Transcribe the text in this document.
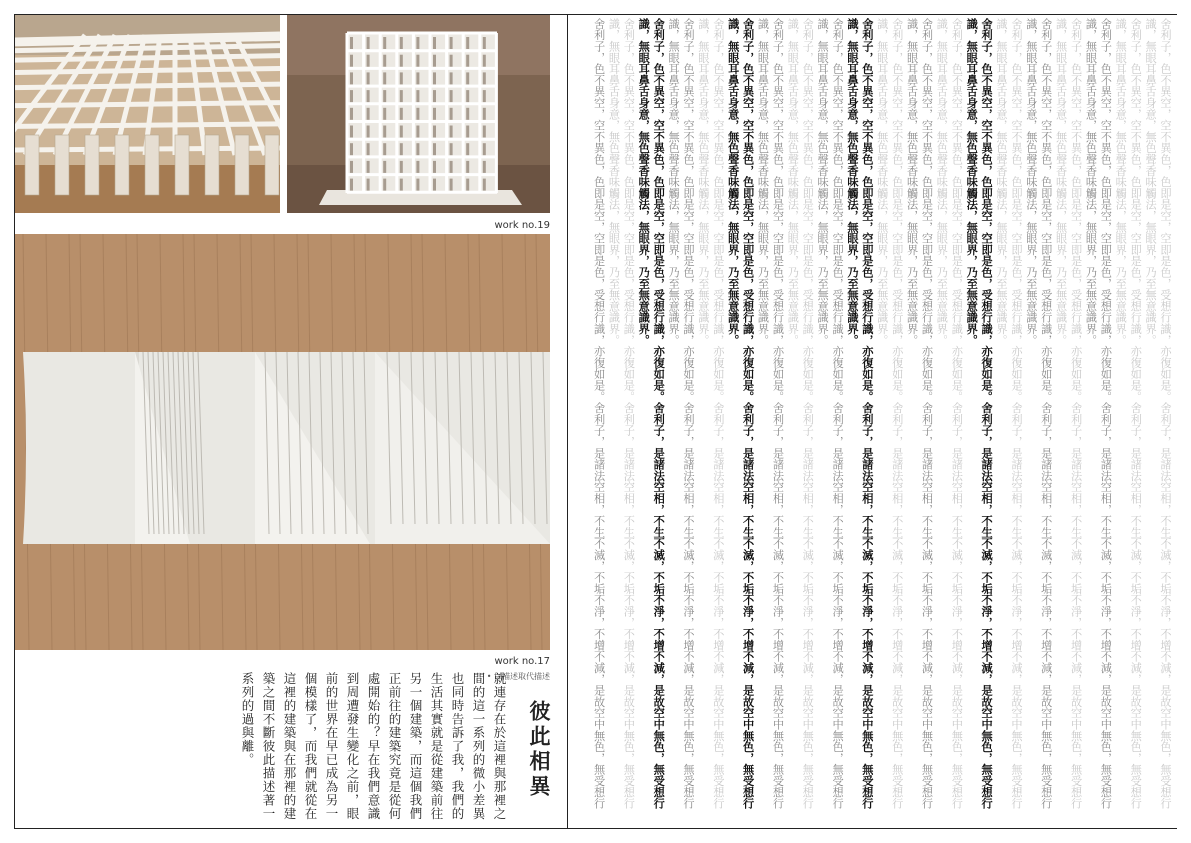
work no.19
work no.17
• 以描述取代描述
彼此相異
就連存在於這裡與那裡之間的這一系列的微小差異也同時告訴了我，我們的生活其實就是從建築前往另一個建築，而這個我們正前往的建築究竟是從何處開始的？早在我們意識到周遭發生變化之前，眼前的世界在早已成為另一個模樣了，而我們就從在這裡的建築與在那裡的建築之間不斷彼此描述著一系列的過與離。	舍利子，色不異空，空不異色，色即是空，空即是色，受想行識，亦復如是。舍利子，是諸法空相，不生不滅，不垢不淨，不增不減，是故空中無色，無受想行識，無眼耳鼻舌身意，無色聲香味觸法，無眼界，乃至無意識界。
舍利子，色不異空，空不異色，色即是空，空即是色，受想行識，亦復如是。舍利子，是諸法空相，不生不滅，不垢不淨，不增不減，是故空中無色，無受想行識，無眼耳鼻舌身意，無色聲香味觸法，無眼界，乃至無意識界。
舍利子，色不異空，空不異色，色即是空，空即是色，受想行識，亦復如是。舍利子，是諸法空相，不生不滅，不垢不淨，不增不減，是故空中無色，無受想行識，無眼耳鼻舌身意，無色聲香味觸法，無眼界，乃至無意識界。
舍利子，色不異空，空不異色，色即是空，空即是色，受想行識，亦復如是。舍利子，是諸法空相，不生不滅，不垢不淨，不增不減，是故空中無色，無受想行識，無眼耳鼻舌身意，無色聲香味觸法，無眼界，乃至無意識界。
舍利子，色不異空，空不異色，色即是空，空即是色，受想行識，亦復如是。舍利子，是諸法空相，不生不滅，不垢不淨，不增不減，是故空中無色，無受想行識，無眼耳鼻舌身意，無色聲香味觸法，無眼界，乃至無意識界。
舍利子，色不異空，空不異色，色即是空，空即是色，受想行識，亦復如是。舍利子，是諸法空相，不生不滅，不垢不淨，不增不減，是故空中無色，無受想行識，無眼耳鼻舌身意，無色聲香味觸法，無眼界，乃至無意識界。
舍利子，色不異空，空不異色，色即是空，空即是色，受想行識，亦復如是。舍利子，是諸法空相，不生不滅，不垢不淨，不增不減，是故空中無色，無受想行識，無眼耳鼻舌身意，無色聲香味觸法，無眼界，乃至無意識界。
舍利子，色不異空，空不異色，色即是空，空即是色，受想行識，亦復如是。舍利子，是諸法空相，不生不滅，不垢不淨，不增不減，是故空中無色，無受想行識，無眼耳鼻舌身意，無色聲香味觸法，無眼界，乃至無意識界。
舍利子，色不異空，空不異色，色即是空，空即是色，受想行識，亦復如是。舍利子，是諸法空相，不生不滅，不垢不淨，不增不減，是故空中無色，無受想行識，無眼耳鼻舌身意，無色聲香味觸法，無眼界，乃至無意識界。
舍利子，色不異空，空不異色，色即是空，空即是色，受想行識，亦復如是。舍利子，是諸法空相，不生不滅，不垢不淨，不增不減，是故空中無色，無受想行識，無眼耳鼻舌身意，無色聲香味觸法，無眼界，乃至無意識界。
舍利子，色不異空，空不異色，色即是空，空即是色，受想行識，亦復如是。舍利子，是諸法空相，不生不滅，不垢不淨，不增不減，是故空中無色，無受想行識，無眼耳鼻舌身意，無色聲香味觸法，無眼界，乃至無意識界。
舍利子，色不異空，空不異色，色即是空，空即是色，受想行識，亦復如是。舍利子，是諸法空相，不生不滅，不垢不淨，不增不減，是故空中無色，無受想行識，無眼耳鼻舌身意，無色聲香味觸法，無眼界，乃至無意識界。
舍利子，色不異空，空不異色，色即是空，空即是色，受想行識，亦復如是。舍利子，是諸法空相，不生不滅，不垢不淨，不增不減，是故空中無色，無受想行識，無眼耳鼻舌身意，無色聲香味觸法，無眼界，乃至無意識界。
舍利子，色不異空，空不異色，色即是空，空即是色，受想行識，亦復如是。舍利子，是諸法空相，不生不滅，不垢不淨，不增不減，是故空中無色，無受想行識，無眼耳鼻舌身意，無色聲香味觸法，無眼界，乃至無意識界。
舍利子，色不異空，空不異色，色即是空，空即是色，受想行識，亦復如是。舍利子，是諸法空相，不生不滅，不垢不淨，不增不減，是故空中無色，無受想行識，無眼耳鼻舌身意，無色聲香味觸法，無眼界，乃至無意識界。
舍利子，色不異空，空不異色，色即是空，空即是色，受想行識，亦復如是。舍利子，是諸法空相，不生不滅，不垢不淨，不增不減，是故空中無色，無受想行識，無眼耳鼻舌身意，無色聲香味觸法，無眼界，乃至無意識界。
舍利子，色不異空，空不異色，色即是空，空即是色，受想行識，亦復如是。舍利子，是諸法空相，不生不滅，不垢不淨，不增不減，是故空中無色，無受想行識，無眼耳鼻舌身意，無色聲香味觸法，無眼界，乃至無意識界。
舍利子，色不異空，空不異色，色即是空，空即是色，受想行識，亦復如是。舍利子，是諸法空相，不生不滅，不垢不淨，不增不減，是故空中無色，無受想行識，無眼耳鼻舌身意，無色聲香味觸法，無眼界，乃至無意識界。
舍利子，色不異空，空不異色，色即是空，空即是色，受想行識，亦復如是。舍利子，是諸法空相，不生不滅，不垢不淨，不增不減，是故空中無色，無受想行識，無眼耳鼻舌身意，無色聲香味觸法，無眼界，乃至無意識界。
舍利子，色不異空，空不異色，色即是空，空即是色，受想行識，亦復如是。舍利子，是諸法空相，不生不滅，不垢不淨，不增不減，是故空中無色，無受想行
